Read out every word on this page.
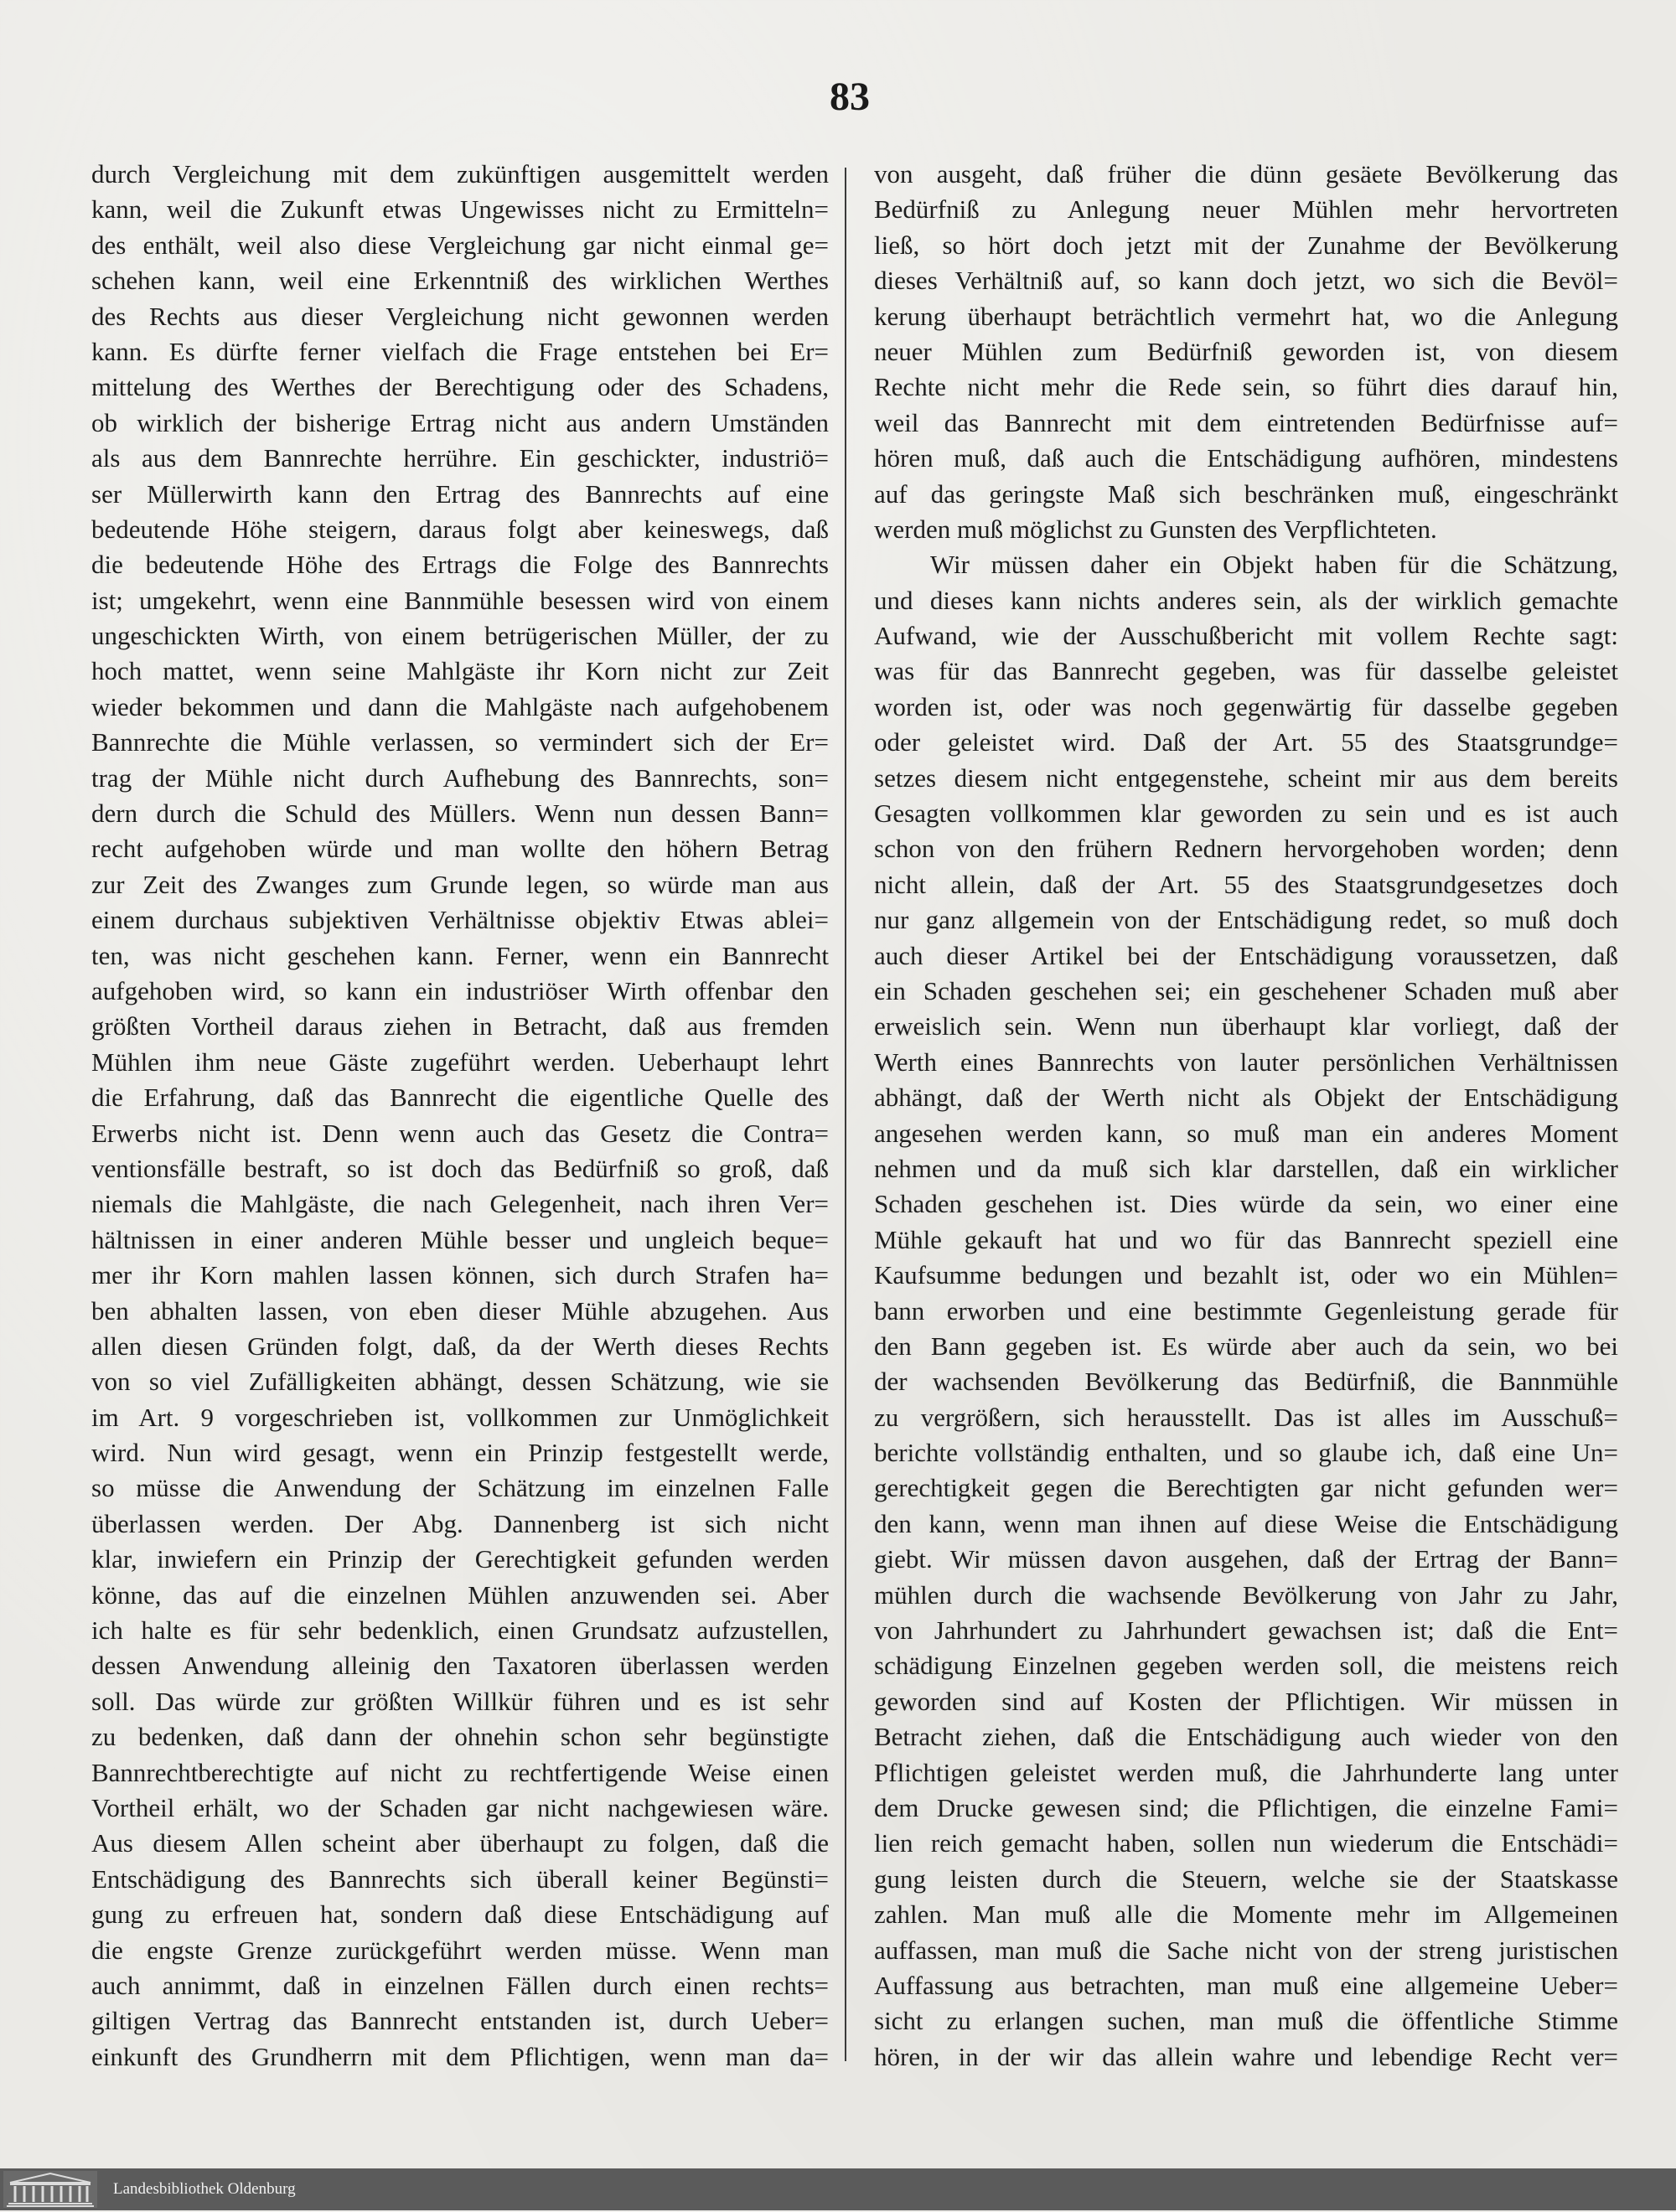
83
durch Vergleichung mit dem zukünftigen ausgemittelt werden
kann, weil die Zukunft etwas Ungewisses nicht zu Ermitteln=
des enthält, weil also diese Vergleichung gar nicht einmal ge=
schehen kann, weil eine Erkenntniß des wirklichen Werthes
des Rechts aus dieser Vergleichung nicht gewonnen werden
kann. Es dürfte ferner vielfach die Frage entstehen bei Er=
mittelung des Werthes der Berechtigung oder des Schadens,
ob wirklich der bisherige Ertrag nicht aus andern Umständen
als aus dem Bannrechte herrühre. Ein geschickter, industriö=
ser Müllerwirth kann den Ertrag des Bannrechts auf eine
bedeutende Höhe steigern, daraus folgt aber keineswegs, daß
die bedeutende Höhe des Ertrags die Folge des Bannrechts
ist; umgekehrt, wenn eine Bannmühle besessen wird von einem
ungeschickten Wirth, von einem betrügerischen Müller, der zu
hoch mattet, wenn seine Mahlgäste ihr Korn nicht zur Zeit
wieder bekommen und dann die Mahlgäste nach aufgehobenem
Bannrechte die Mühle verlassen, so vermindert sich der Er=
trag der Mühle nicht durch Aufhebung des Bannrechts, son=
dern durch die Schuld des Müllers. Wenn nun dessen Bann=
recht aufgehoben würde und man wollte den höhern Betrag
zur Zeit des Zwanges zum Grunde legen, so würde man aus
einem durchaus subjektiven Verhältnisse objektiv Etwas ablei=
ten, was nicht geschehen kann. Ferner, wenn ein Bannrecht
aufgehoben wird, so kann ein industriöser Wirth offenbar den
größten Vortheil daraus ziehen in Betracht, daß aus fremden
Mühlen ihm neue Gäste zugeführt werden. Ueberhaupt lehrt
die Erfahrung, daß das Bannrecht die eigentliche Quelle des
Erwerbs nicht ist. Denn wenn auch das Gesetz die Contra=
ventionsfälle bestraft, so ist doch das Bedürfniß so groß, daß
niemals die Mahlgäste, die nach Gelegenheit, nach ihren Ver=
hältnissen in einer anderen Mühle besser und ungleich beque=
mer ihr Korn mahlen lassen können, sich durch Strafen ha=
ben abhalten lassen, von eben dieser Mühle abzugehen. Aus
allen diesen Gründen folgt, daß, da der Werth dieses Rechts
von so viel Zufälligkeiten abhängt, dessen Schätzung, wie sie
im Art. 9 vorgeschrieben ist, vollkommen zur Unmöglichkeit
wird. Nun wird gesagt, wenn ein Prinzip festgestellt werde,
so müsse die Anwendung der Schätzung im einzelnen Falle
überlassen werden. Der Abg. Dannenberg ist sich nicht
klar, inwiefern ein Prinzip der Gerechtigkeit gefunden werden
könne, das auf die einzelnen Mühlen anzuwenden sei. Aber
ich halte es für sehr bedenklich, einen Grundsatz aufzustellen,
dessen Anwendung alleinig den Taxatoren überlassen werden
soll. Das würde zur größten Willkür führen und es ist sehr
zu bedenken, daß dann der ohnehin schon sehr begünstigte
Bannrechtberechtigte auf nicht zu rechtfertigende Weise einen
Vortheil erhält, wo der Schaden gar nicht nachgewiesen wäre.
Aus diesem Allen scheint aber überhaupt zu folgen, daß die
Entschädigung des Bannrechts sich überall keiner Begünsti=
gung zu erfreuen hat, sondern daß diese Entschädigung auf
die engste Grenze zurückgeführt werden müsse. Wenn man
auch annimmt, daß in einzelnen Fällen durch einen rechts=
giltigen Vertrag das Bannrecht entstanden ist, durch Ueber=
einkunft des Grundherrn mit dem Pflichtigen, wenn man da=
von ausgeht, daß früher die dünn gesäete Bevölkerung das
Bedürfniß zu Anlegung neuer Mühlen mehr hervortreten
ließ, so hört doch jetzt mit der Zunahme der Bevölkerung
dieses Verhältniß auf, so kann doch jetzt, wo sich die Bevöl=
kerung überhaupt beträchtlich vermehrt hat, wo die Anlegung
neuer Mühlen zum Bedürfniß geworden ist, von diesem
Rechte nicht mehr die Rede sein, so führt dies darauf hin,
weil das Bannrecht mit dem eintretenden Bedürfnisse auf=
hören muß, daß auch die Entschädigung aufhören, mindestens
auf das geringste Maß sich beschränken muß, eingeschränkt
werden muß möglichst zu Gunsten des Verpflichteten.
Wir müssen daher ein Objekt haben für die Schätzung,
und dieses kann nichts anderes sein, als der wirklich gemachte
Aufwand, wie der Ausschußbericht mit vollem Rechte sagt:
was für das Bannrecht gegeben, was für dasselbe geleistet
worden ist, oder was noch gegenwärtig für dasselbe gegeben
oder geleistet wird. Daß der Art. 55 des Staatsgrundge=
setzes diesem nicht entgegenstehe, scheint mir aus dem bereits
Gesagten vollkommen klar geworden zu sein und es ist auch
schon von den frühern Rednern hervorgehoben worden; denn
nicht allein, daß der Art. 55 des Staatsgrundgesetzes doch
nur ganz allgemein von der Entschädigung redet, so muß doch
auch dieser Artikel bei der Entschädigung voraussetzen, daß
ein Schaden geschehen sei; ein geschehener Schaden muß aber
erweislich sein. Wenn nun überhaupt klar vorliegt, daß der
Werth eines Bannrechts von lauter persönlichen Verhältnissen
abhängt, daß der Werth nicht als Objekt der Entschädigung
angesehen werden kann, so muß man ein anderes Moment
nehmen und da muß sich klar darstellen, daß ein wirklicher
Schaden geschehen ist. Dies würde da sein, wo einer eine
Mühle gekauft hat und wo für das Bannrecht speziell eine
Kaufsumme bedungen und bezahlt ist, oder wo ein Mühlen=
bann erworben und eine bestimmte Gegenleistung gerade für
den Bann gegeben ist. Es würde aber auch da sein, wo bei
der wachsenden Bevölkerung das Bedürfniß, die Bannmühle
zu vergrößern, sich herausstellt. Das ist alles im Ausschuß=
berichte vollständig enthalten, und so glaube ich, daß eine Un=
gerechtigkeit gegen die Berechtigten gar nicht gefunden wer=
den kann, wenn man ihnen auf diese Weise die Entschädigung
giebt. Wir müssen davon ausgehen, daß der Ertrag der Bann=
mühlen durch die wachsende Bevölkerung von Jahr zu Jahr,
von Jahrhundert zu Jahrhundert gewachsen ist; daß die Ent=
schädigung Einzelnen gegeben werden soll, die meistens reich
geworden sind auf Kosten der Pflichtigen. Wir müssen in
Betracht ziehen, daß die Entschädigung auch wieder von den
Pflichtigen geleistet werden muß, die Jahrhunderte lang unter
dem Drucke gewesen sind; die Pflichtigen, die einzelne Fami=
lien reich gemacht haben, sollen nun wiederum die Entschädi=
gung leisten durch die Steuern, welche sie der Staatskasse
zahlen. Man muß alle die Momente mehr im Allgemeinen
auffassen, man muß die Sache nicht von der streng juristischen
Auffassung aus betrachten, man muß eine allgemeine Ueber=
sicht zu erlangen suchen, man muß die öffentliche Stimme
hören, in der wir das allein wahre und lebendige Recht ver=
Landesbibliothek Oldenburg
